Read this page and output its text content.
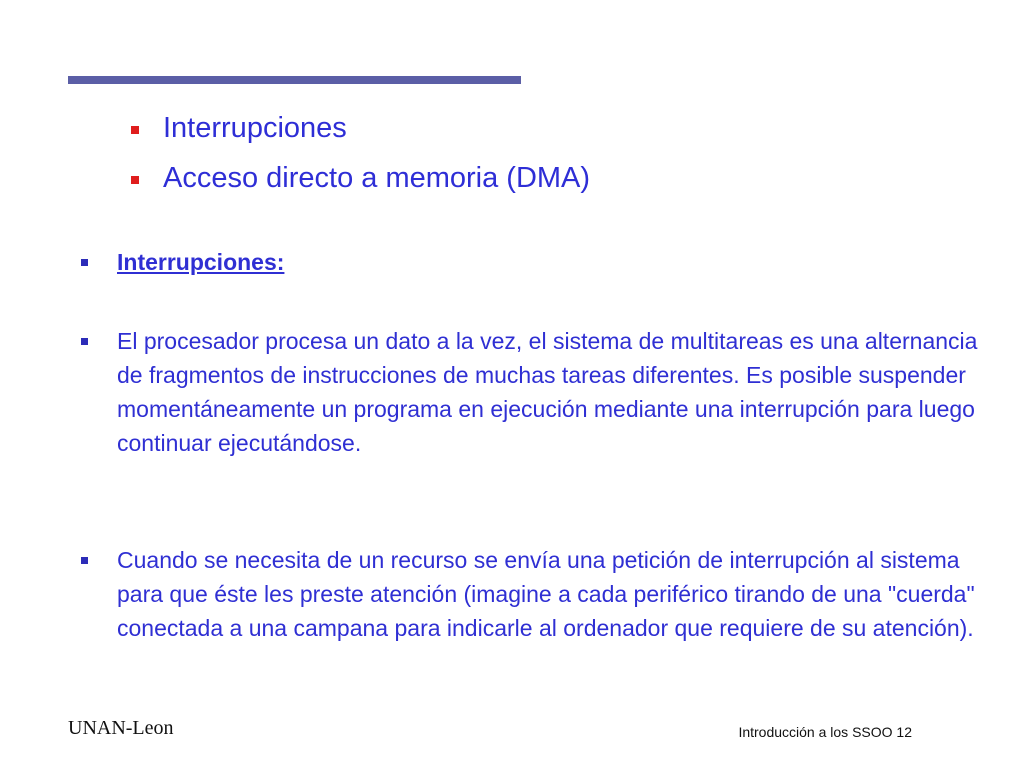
Interrupciones
Acceso directo a memoria (DMA)
Interrupciones:
El procesador procesa un dato a la vez, el sistema de multitareas es una alternancia de fragmentos de instrucciones de muchas tareas diferentes. Es posible suspender momentáneamente un programa en ejecución mediante una interrupción para luego continuar ejecutándose.
Cuando se necesita de un recurso se envía una petición de interrupción al sistema para que éste les preste atención (imagine a cada periférico tirando de una "cuerda" conectada a una campana para indicarle al ordenador que requiere de su atención).
UNAN-Leon	Introducción a los SSOO 12
